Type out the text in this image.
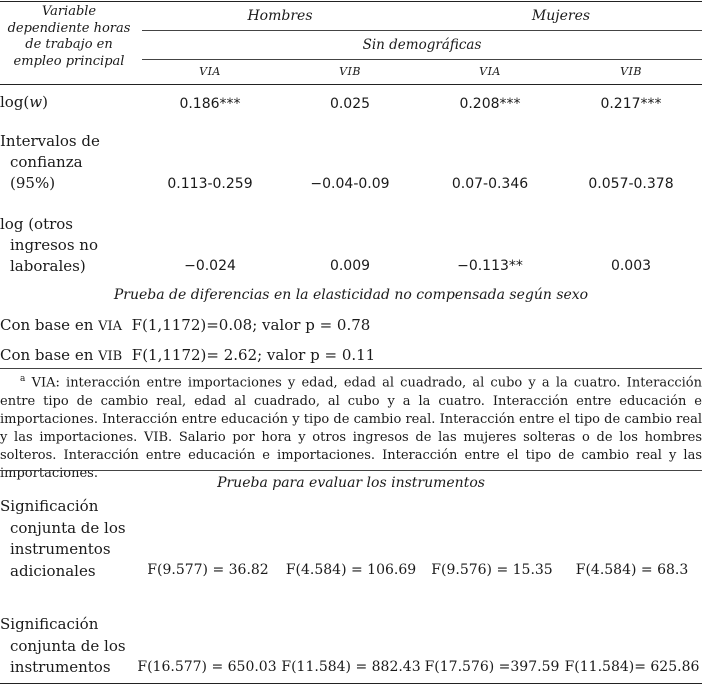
Variable
dependiente horas
de trabajo en
empleo principal
Hombres	Mujeres
Sin demográficas
VIA	VIB	VIA	VIB
log(w)	0.186***	0.025	0.208***	0.217***
Intervalos de
confianza
(95%)	0.113-0.259	−0.04-0.09	0.07-0.346	0.057-0.378
log (otros
ingresos no
laborales)	−0.024	0.009	−0.113**	0.003
Prueba de diferencias en la elasticidad no compensada según sexo
Con base en VIA F(1,1172)=0.08; valor p = 0.78
Con base en VIB F(1,1172)= 2.62; valor p = 0.11
$^a$ VIA: interacción entre importaciones y edad, edad al cuadrado, al cubo y a la cuatro. Interacción entre tipo de cambio real, edad al cuadrado, al cubo y a la cuatro. Interacción entre educación e importaciones. Interacción entre educación y tipo de cambio real. Interacción entre el tipo de cambio real y las importaciones. VIB. Salario por hora y otros ingresos de las mujeres solteras o de los hombres solteros. Interacción entre educación e importaciones. Interacción entre el tipo de cambio real y las importaciones.
Prueba para evaluar los instrumentos
Significación
conjunta de los
instrumentos
adicionales	F(9.577) = 36.82	F(4.584) = 106.69	F(9.576) = 15.35	F(4.584) = 68.3
Significación
conjunta de los
instrumentos	F(16.577) = 650.03 F(11.584) = 882.43 F(17.576) =397.59 F(11.584)= 625.86
